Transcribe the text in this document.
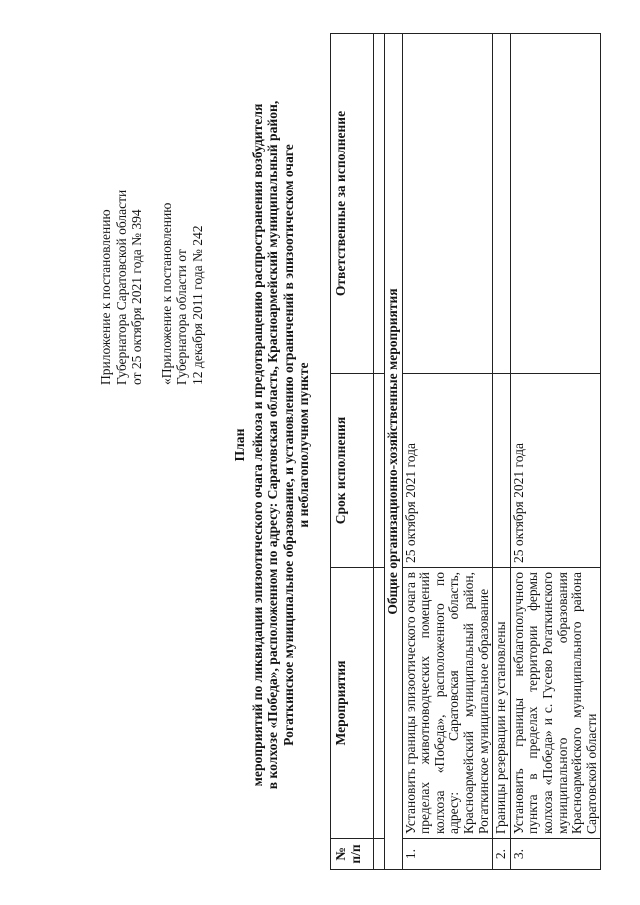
Приложение к постановлению Губернатора Саратовской области от 25 октября 2021 года № 394 «Приложение к постановлению Губернатора области от 12 декабря 2011 года № 242
План мероприятий по ликвидации эпизоотического очага лейкоза и предотвращению распространения возбудителя в колхозе «Победа», расположенном по адресу: Саратовская область, Красноармейский муниципальный район, Рогаткинское муниципальное образование, и установлению ограничений в эпизоотическом очаге и неблагополучном пункте
№ п/п	Мероприятия	Срок исполнения	Ответственные за исполнение

Общие организационно-хозяйственные мероприятия			
1.	Установить границы эпизоотического очага в пределах животноводческих помещений колхоза «Победа», расположенного по адресу: Саратовская область, Красноармейский муниципальный район, Рогаткинское муниципальное образование	25 октября 2021 года	
2.	Границы резервации не установлены		
3.	Установить границы неблагополучного пункта в пределах территории фермы колхоза «Победа» и с. Гусево Рогаткинского муниципального образования Красноармейского муниципального района Саратовской области	25 октября 2021 года	
